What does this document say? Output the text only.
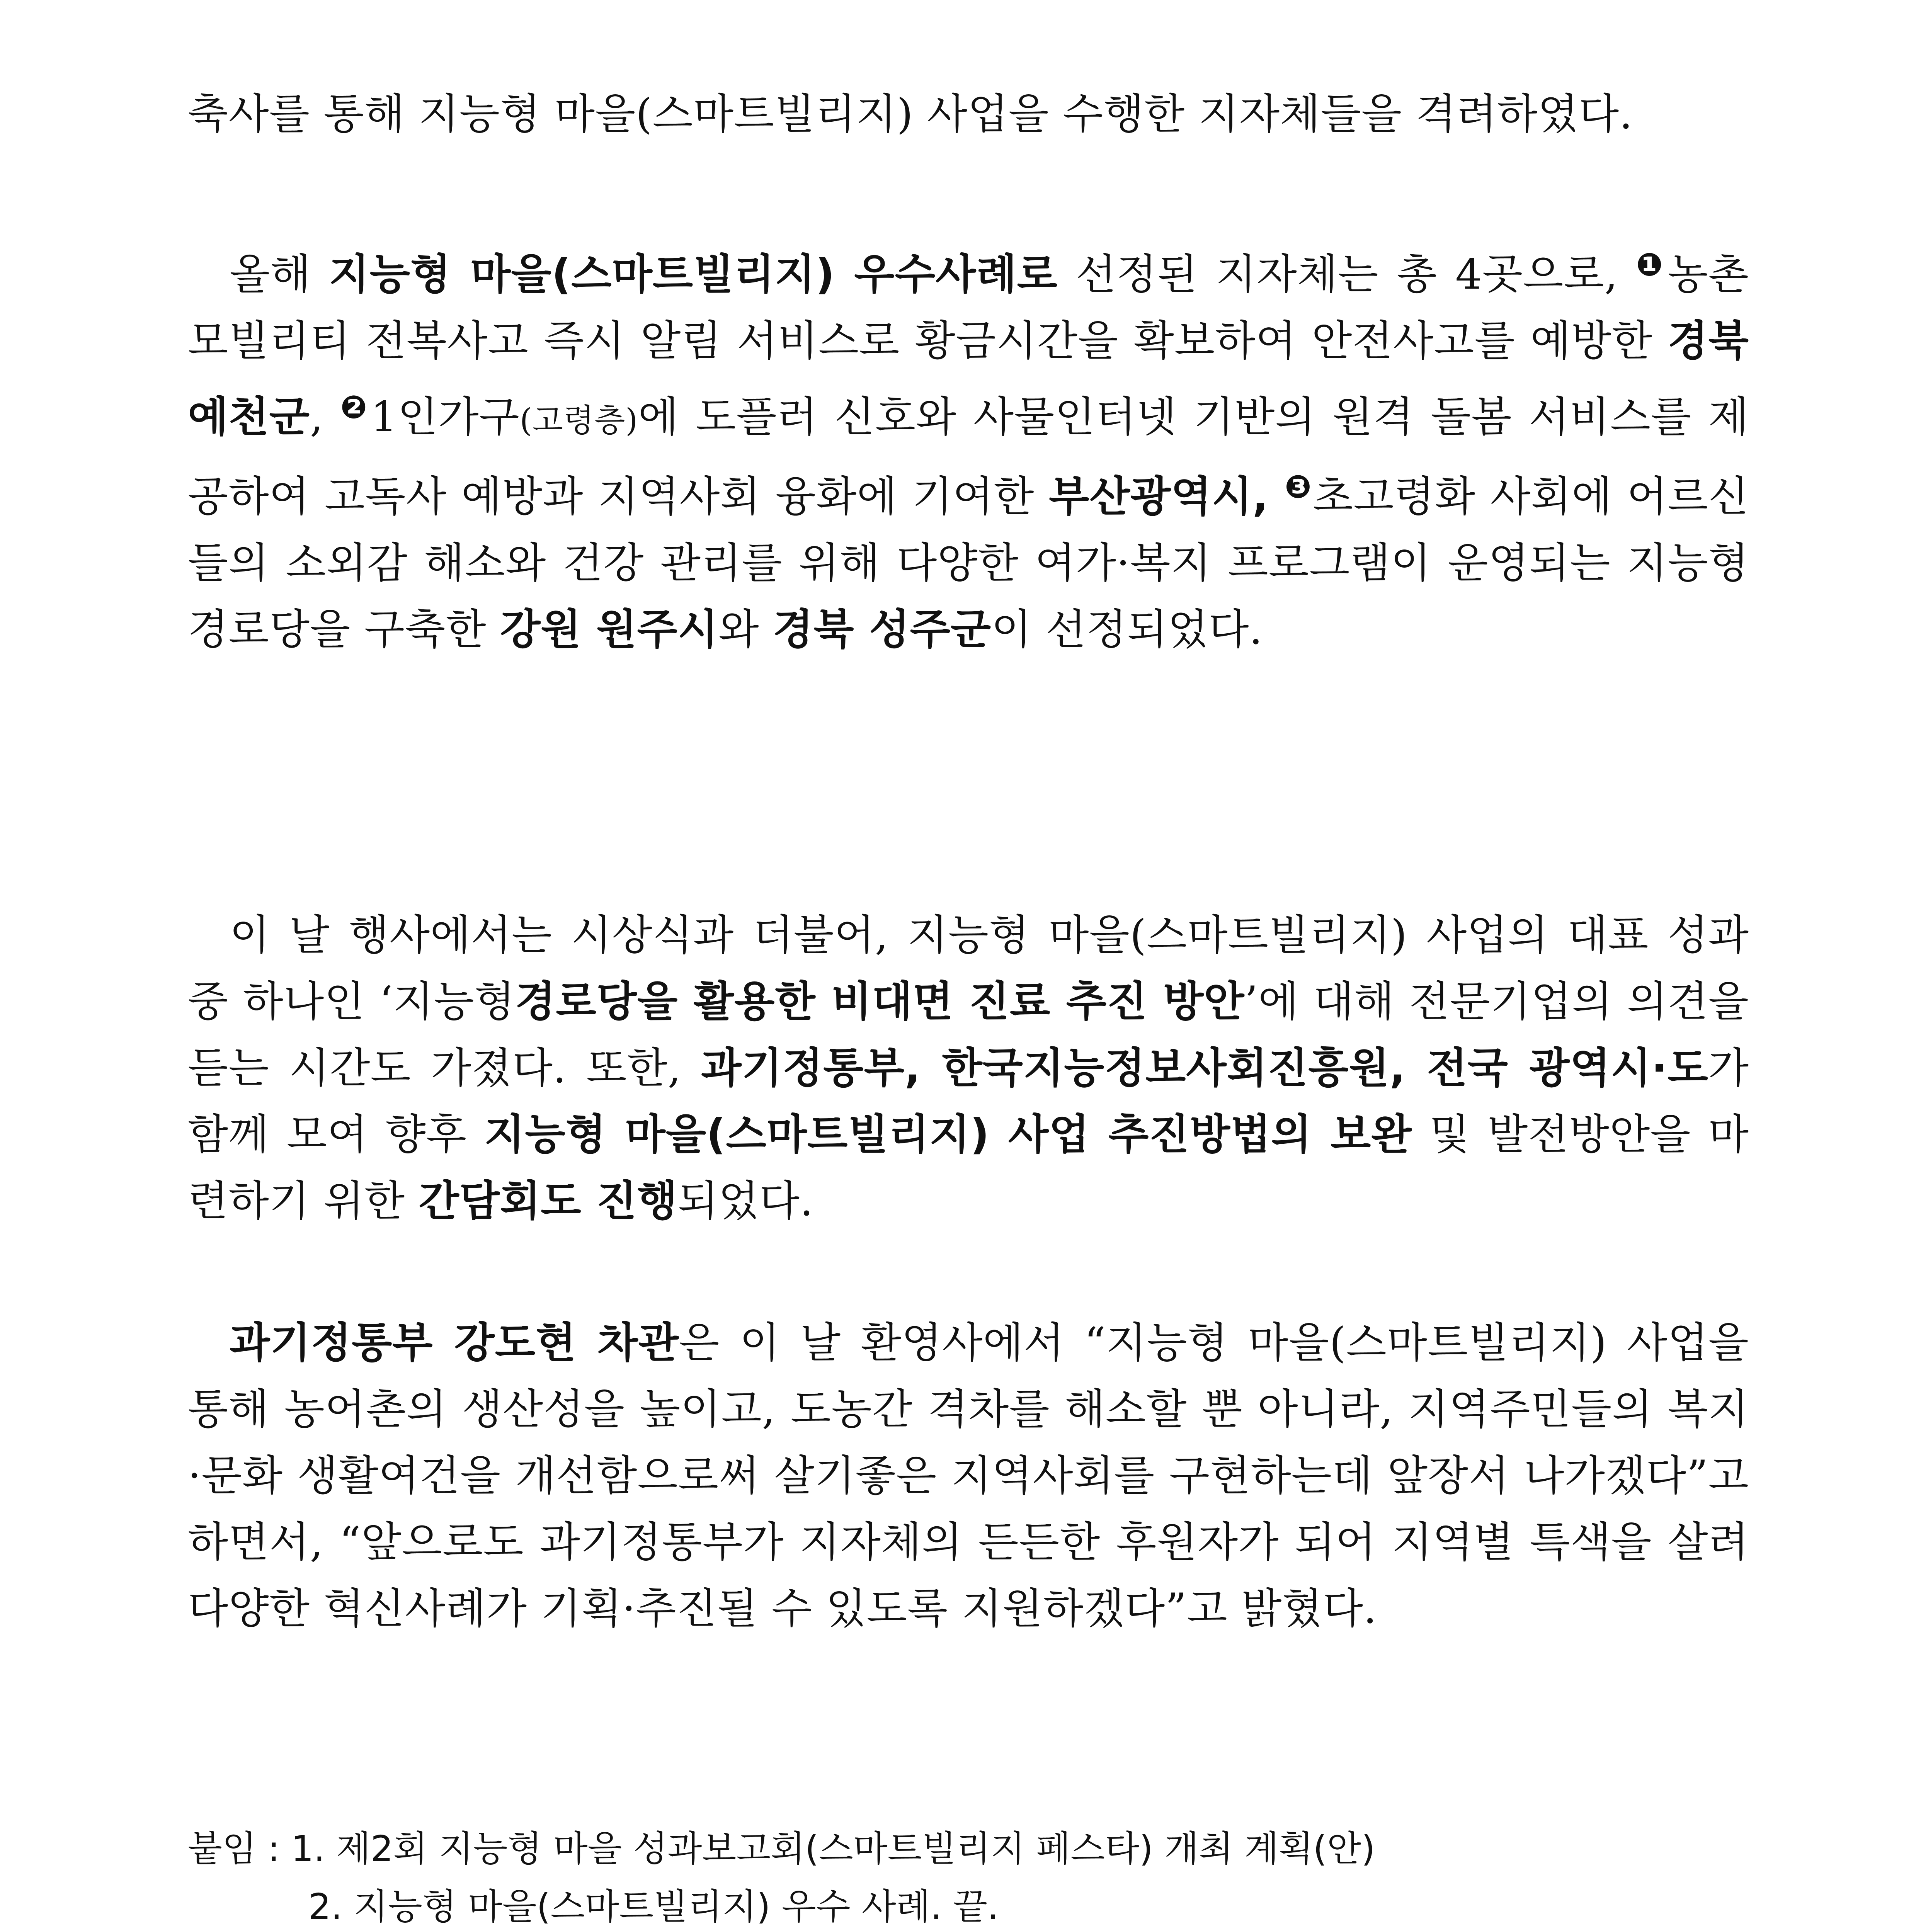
축사를 통해 지능형 마을(스마트빌리지) 사업을 수행한 지자체들을 격려하였다.
올해 지능형 마을(스마트빌리지) 우수사례로 선정된 지자체는 총 4곳으로, $^❶$농촌 모빌리티 전복사고 즉시 알림 서비스로 황금시간을 확보하여 안전사고를 예방한 경북 예천군, $^❷$1인가구(고령층)에 도플러 신호와 사물인터넷 기반의 원격 돌봄 서비스를 제공하여 고독사 예방과 지역사회 융화에 기여한 부산광역시, $^❸$초고령화 사회에 어르신들의 소외감 해소와 건강 관리를 위해 다양한 여가·복지 프로그램이 운영되는 지능형경로당을 구축한 강원 원주시와 경북 성주군이 선정되었다.
이 날 행사에서는 시상식과 더불어, 지능형 마을(스마트빌리지) 사업의 대표 성과 중 하나인 ‘지능형경로당을 활용한 비대면 진료 추진 방안’에 대해 전문기업의 의견을 듣는 시간도 가졌다. 또한, 과기정통부, 한국지능정보사회진흥원, 전국 광역시·도가 함께 모여 향후 지능형 마을(스마트빌리지) 사업 추진방법의 보완 및 발전방안을 마련하기 위한 간담회도 진행되었다.
과기정통부 강도현 차관은 이 날 환영사에서 “지능형 마을(스마트빌리지) 사업을 통해 농어촌의 생산성을 높이고, 도농간 격차를 해소할 뿐 아니라, 지역주민들의 복지·문화 생활여건을 개선함으로써 살기좋은 지역사회를 구현하는데 앞장서 나가겠다”고 하면서, “앞으로도 과기정통부가 지자체의 든든한 후원자가 되어 지역별 특색을 살려 다양한 혁신사례가 기획·추진될 수 있도록 지원하겠다”고 밝혔다.
붙임 : 1. 제2회 지능형 마을 성과보고회(스마트빌리지 페스타) 개최 계획(안)
2. 지능형 마을(스마트빌리지) 우수 사례. 끝.
